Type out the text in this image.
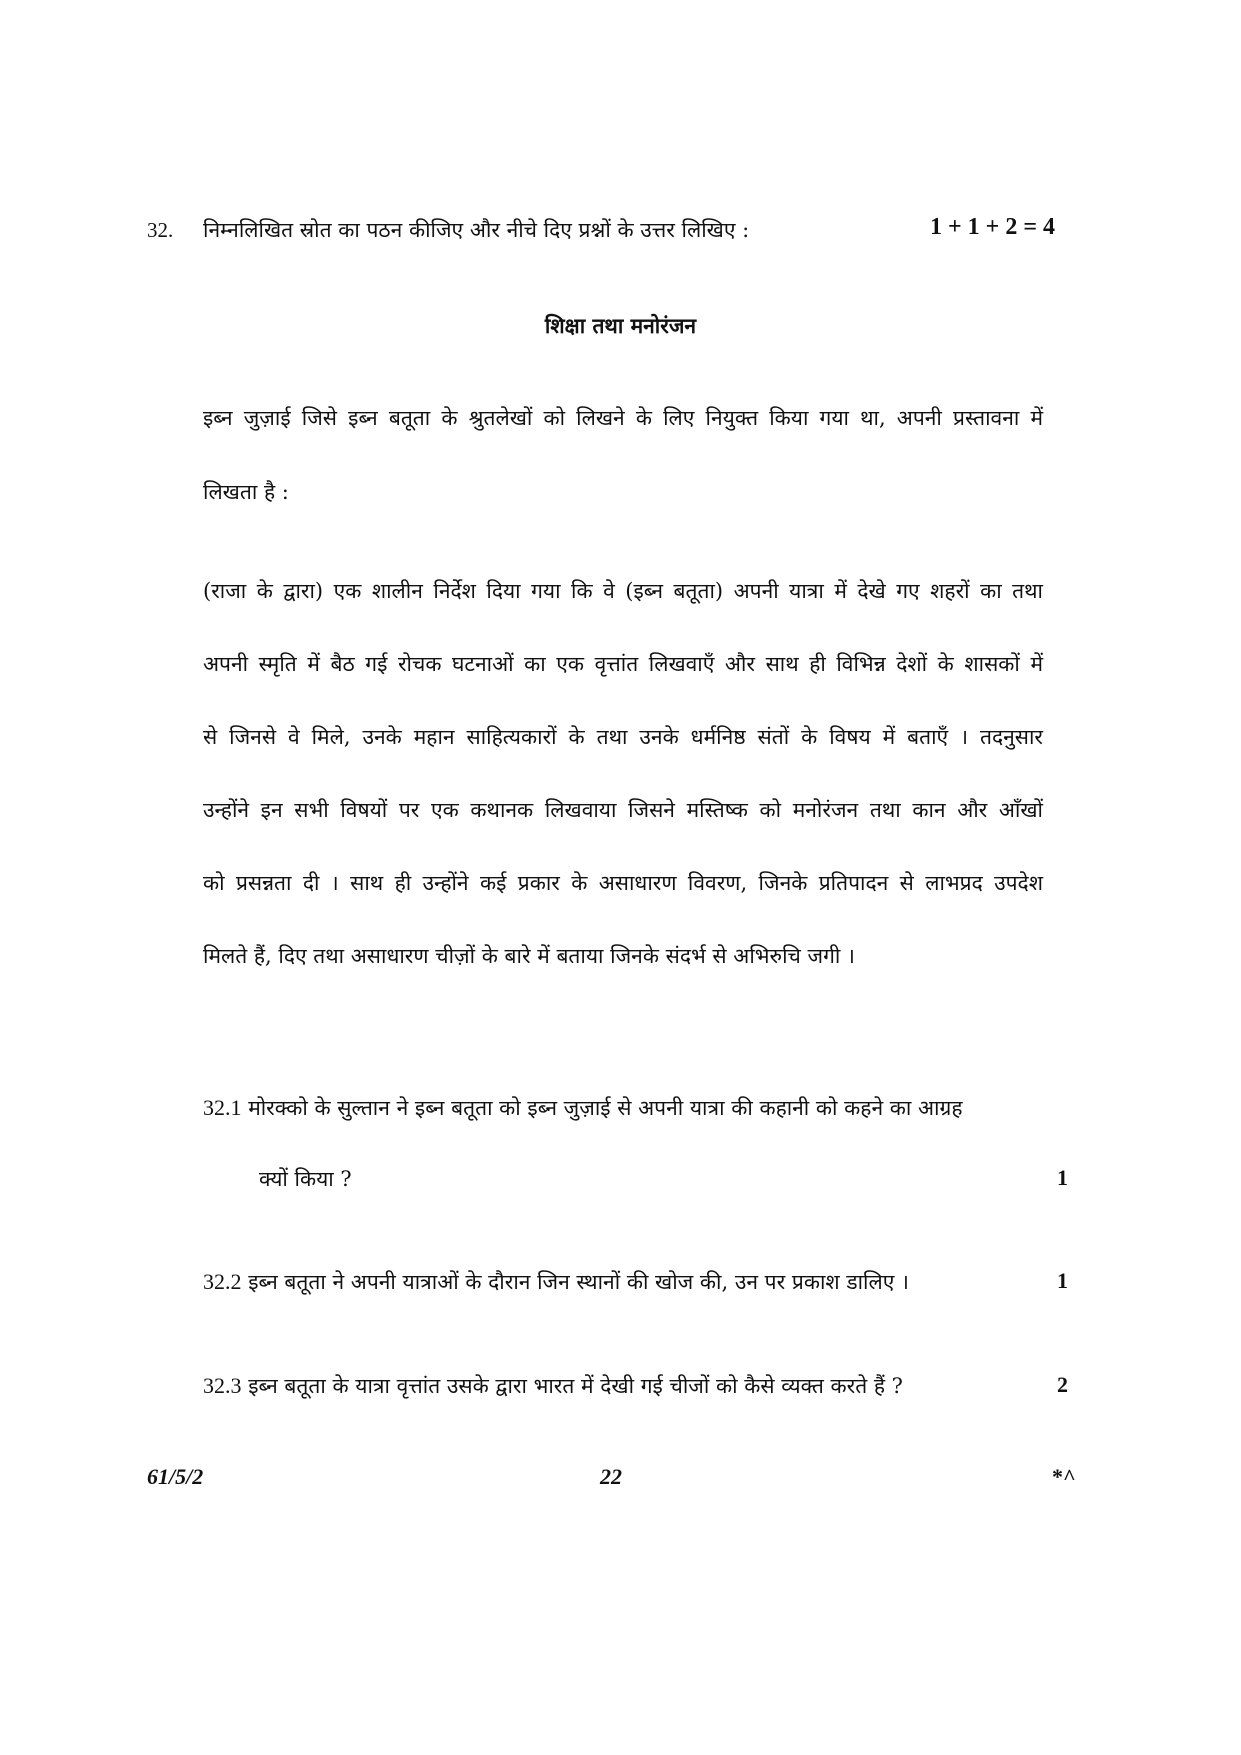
32. निम्नलिखित स्रोत का पठन कीजिए और नीचे दिए प्रश्नों के उत्तर लिखिए :	1 + 1 + 2 = 4
शिक्षा तथा मनोरंजन
इब्न जुज़ाई जिसे इब्न बतूता के श्रुतलेखों को लिखने के लिए नियुक्त किया गया था, अपनी प्रस्तावना में
लिखता है :
(राजा के द्वारा) एक शालीन निर्देश दिया गया कि वे (इब्न बतूता) अपनी यात्रा में देखे गए शहरों का तथा
अपनी स्मृति में बैठ गई रोचक घटनाओं का एक वृत्तांत लिखवाएँ और साथ ही विभिन्न देशों के शासकों में
से जिनसे वे मिले, उनके महान साहित्यकारों के तथा उनके धर्मनिष्ठ संतों के विषय में बताएँ । तदनुसार
उन्होंने इन सभी विषयों पर एक कथानक लिखवाया जिसने मस्तिष्क को मनोरंजन तथा कान और आँखों
को प्रसन्नता दी । साथ ही उन्होंने कई प्रकार के असाधारण विवरण, जिनके प्रतिपादन से लाभप्रद उपदेश
मिलते हैं, दिए तथा असाधारण चीज़ों के बारे में बताया जिनके संदर्भ से अभिरुचि जगी ।
32.1 मोरक्को के सुल्तान ने इब्न बतूता को इब्न जुज़ाई से अपनी यात्रा की कहानी को कहने का आग्रह
क्यों किया ?	1
32.2 इब्न बतूता ने अपनी यात्राओं के दौरान जिन स्थानों की खोज की, उन पर प्रकाश डालिए ।	1
32.3 इब्न बतूता के यात्रा वृत्तांत उसके द्वारा भारत में देखी गई चीजों को कैसे व्यक्त करते हैं ?	2
61/5/2	22	*^
